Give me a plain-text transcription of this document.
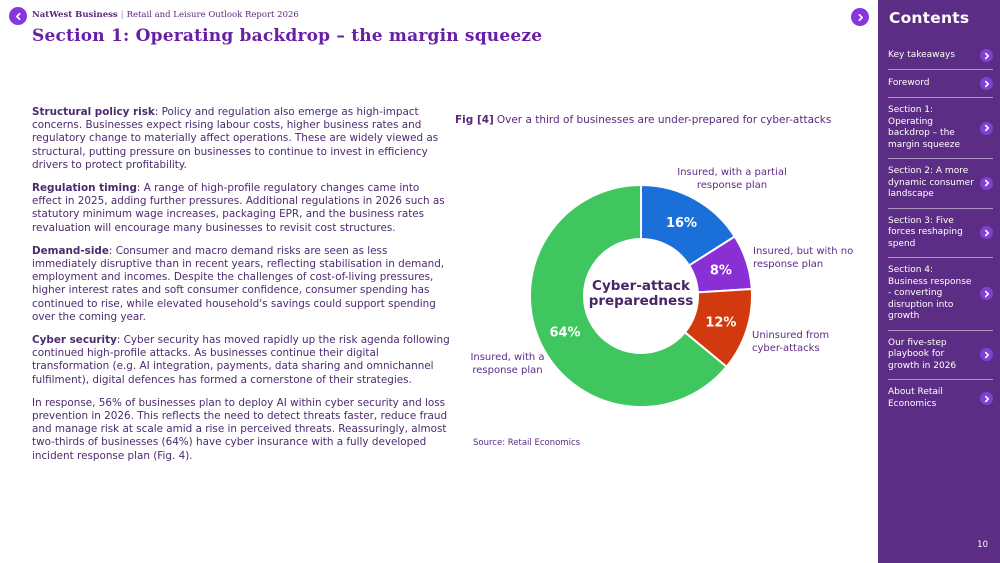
NatWest Business | Retail and Leisure Outlook Report 2026
Section 1: Operating backdrop – the margin squeeze

Structural policy risk: Policy and regulation also emerge as high-impact concerns. Businesses expect rising labour costs, higher business rates and regulatory change to materially affect operations. These are widely viewed as structural, putting pressure on businesses to continue to invest in efficiency drivers to protect profitability.

Regulation timing: A range of high-profile regulatory changes came into effect in 2025, adding further pressures. Additional regulations in 2026 such as statutory minimum wage increases, packaging EPR, and the business rates revaluation will encourage many businesses to revisit cost structures.

Demand-side: Consumer and macro demand risks are seen as less immediately disruptive than in recent years, reflecting stabilisation in demand, employment and incomes. Despite the challenges of cost-of-living pressures, higher interest rates and soft consumer confidence, consumer spending has continued to rise, while elevated household's savings could support spending over the coming year.

Cyber security: Cyber security has moved rapidly up the risk agenda following continued high-profile attacks. As businesses continue their digital transformation (e.g. AI integration, payments, data sharing and omnichannel fulfilment), digital defences has formed a cornerstone of their strategies.

In response, 56% of businesses plan to deploy AI within cyber security and loss prevention in 2026. This reflects the need to detect threats faster, reduce fraud and manage risk at scale amid a rise in perceived threats. Reassuringly, almost two-thirds of businesses (64%) have cyber insurance with a fully developed incident response plan (Fig. 4).

Fig [4] Over a third of businesses are under-prepared for cyber-attacks
16%
8%
12%
64%
Cyber-attack preparedness
Insured, with a partial response plan
Insured, but with no response plan
Uninsured from cyber-attacks
Insured, with a response plan
Source: Retail Economics
Contents
Key takeaways
Foreword
Section 1: Operating backdrop – the margin squeeze
Section 2: A more dynamic consumer landscape
Section 3: Five forces reshaping spend
Section 4: Business response - converting disruption into growth
Our five-step playbook for growth in 2026
About Retail Economics
10
